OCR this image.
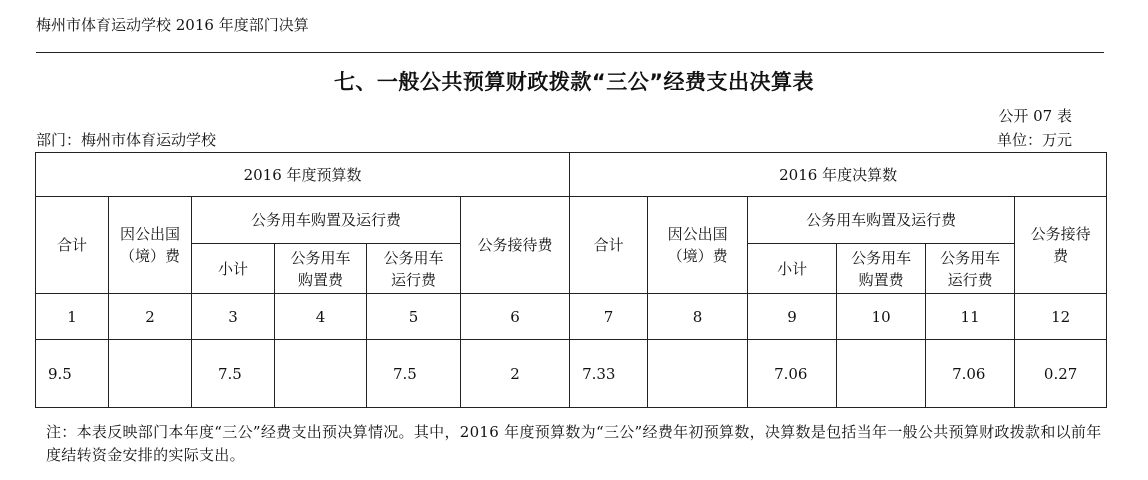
梅州市体育运动学校 2016 年度部门决算
七、一般公共预算财政拨款“三公”经费支出决算表
公开 07 表
部门：梅州市体育运动学校	单位：万元
2016 年度预算数						2016 年度决算数					
合计	因公出国（境）费	公务用车购置及运行费			公务接待费	合计	因公出国（境）费	公务用车购置及运行费			公务接待费
		小计	公务用车购置费	公务用车运行费				小计	公务用车购置费	公务用车运行费	
1	2	3	4	5	6	7	8	9	10	11	12
9.5		7.5		7.5	2	7.33		7.06		7.06	0.27
注：本表反映部门本年度“三公”经费支出预决算情况。其中，2016 年度预算数为“三公”经费年初预算数，决算数是包括当年一般公共预算财政拨款和以前年度结转资金安排的实际支出。
